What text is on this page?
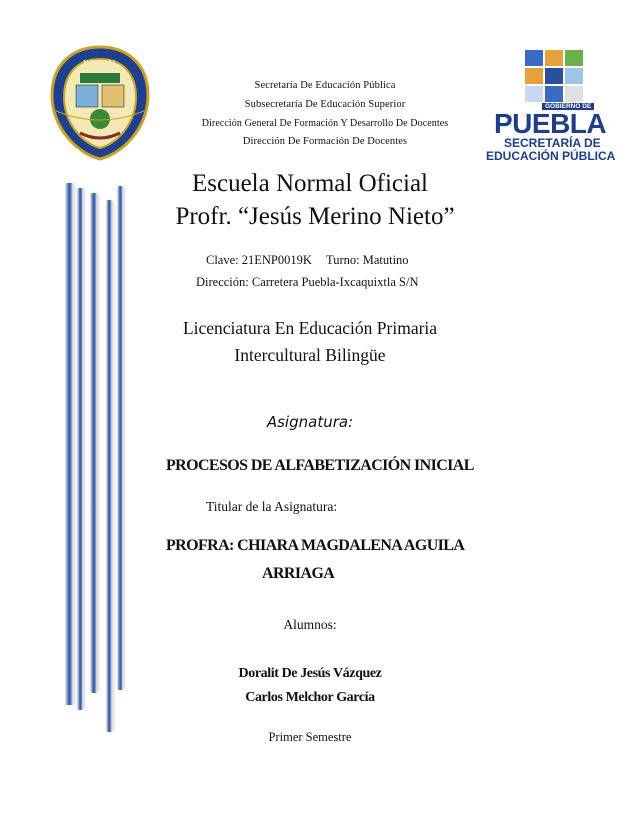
NORMAL
GOBIERNO DE
PUEBLA
SECRETARÍA DE
EDUCACIÓN PÚBLICA
Secretaría De Educación Pública
Subsecretaría De Educación Superior
Dirección General De Formación Y Desarrollo De Docentes
Dirección De Formación De Docentes
Escuela Normal Oficial
Profr. “Jesús Merino Nieto”
Clave: 21ENP0019K Turno: Matutino
Dirección: Carretera Puebla-Ixcaquixtla S/N
Licenciatura En Educación Primaria
Intercultural Bilingüe
Asignatura:
PROCESOS DE ALFABETIZACIÓN INICIAL
Titular de la Asignatura:
PROFRA: CHIARA MAGDALENA AGUILA
ARRIAGA
Alumnos:
Doralit De Jesús Vázquez
Carlos Melchor García
Primer Semestre
